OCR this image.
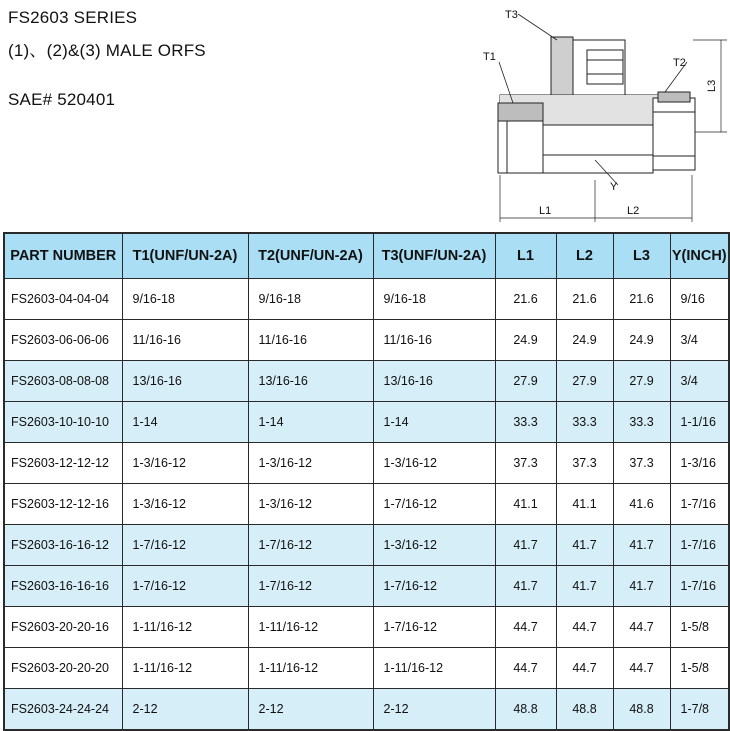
FS2603 SERIES
(1)、(2)&(3) MALE ORFS
SAE# 520401
T3
T1	T2
L3
Y
L1	L2
PART NUMBER	T1(UNF/UN-2A)	T2(UNF/UN-2A)	T3(UNF/UN-2A)	L1	L2	L3	Y(INCH)
FS2603-04-04-04	9/16-18	9/16-18	9/16-18	21.6	21.6	21.6	9/16
FS2603-06-06-06	11/16-16	11/16-16	11/16-16	24.9	24.9	24.9	3/4
FS2603-08-08-08	13/16-16	13/16-16	13/16-16	27.9	27.9	27.9	3/4
FS2603-10-10-10	1-14	1-14	1-14	33.3	33.3	33.3	1-1/16
FS2603-12-12-12	1-3/16-12	1-3/16-12	1-3/16-12	37.3	37.3	37.3	1-3/16
FS2603-12-12-16	1-3/16-12	1-3/16-12	1-7/16-12	41.1	41.1	41.6	1-7/16
FS2603-16-16-12	1-7/16-12	1-7/16-12	1-3/16-12	41.7	41.7	41.7	1-7/16
FS2603-16-16-16	1-7/16-12	1-7/16-12	1-7/16-12	41.7	41.7	41.7	1-7/16
FS2603-20-20-16	1-11/16-12	1-11/16-12	1-7/16-12	44.7	44.7	44.7	1-5/8
FS2603-20-20-20	1-11/16-12	1-11/16-12	1-11/16-12	44.7	44.7	44.7	1-5/8
FS2603-24-24-24	2-12	2-12	2-12	48.8	48.8	48.8	1-7/8
